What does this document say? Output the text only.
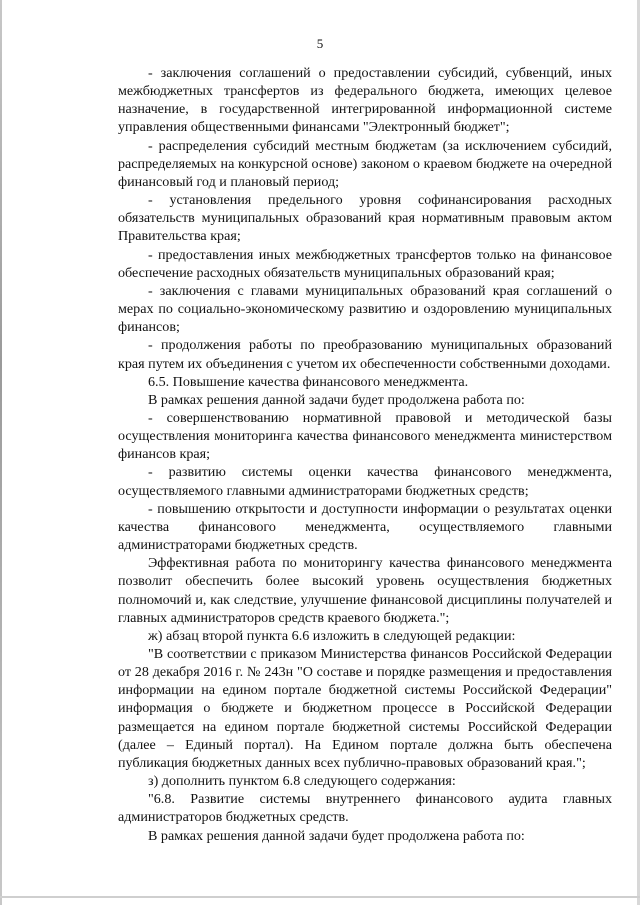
5

- заключения соглашений о предоставлении субсидий, субвенций, иных межбюджетных трансфертов из федерального бюджета, имеющих целевое назначение, в государственной интегрированной информационной системе управления общественными финансами "Электронный бюджет";

- распределения субсидий местным бюджетам (за исключением субсидий, распределяемых на конкурсной основе) законом о краевом бюджете на очередной финансовый год и плановый период;

- установления предельного уровня софинансирования расходных обязательств муниципальных образований края нормативным правовым актом Правительства края;

- предоставления иных межбюджетных трансфертов только на финансовое обеспечение расходных обязательств муниципальных образований края;

- заключения с главами муниципальных образований края соглашений о мерах по социально-экономическому развитию и оздоровлению муниципальных финансов;

- продолжения работы по преобразованию муниципальных образований края путем их объединения с учетом их обеспеченности собственными доходами.

6.5. Повышение качества финансового менеджмента.

В рамках решения данной задачи будет продолжена работа по:

- совершенствованию нормативной правовой и методической базы осуществления мониторинга качества финансового менеджмента министерством финансов края;

- развитию системы оценки качества финансового менеджмента, осуществляемого главными администраторами бюджетных средств;

- повышению открытости и доступности информации о результатах оценки качества финансового менеджмента, осуществляемого главными администраторами бюджетных средств.

Эффективная работа по мониторингу качества финансового менеджмента позволит обеспечить более высокий уровень осуществления бюджетных полномочий и, как следствие, улучшение финансовой дисциплины получателей и главных администраторов средств краевого бюджета.";

ж) абзац второй пункта 6.6 изложить в следующей редакции:

"В соответствии с приказом Министерства финансов Российской Федерации от 28 декабря 2016 г. № 243н "О составе и порядке размещения и предоставления информации на едином портале бюджетной системы Российской Федерации" информация о бюджете и бюджетном процессе в Российской Федерации размещается на едином портале бюджетной системы Российской Федерации (далее – Единый портал). На Едином портале должна быть обеспечена публикация бюджетных данных всех публично-правовых образований края.";

з) дополнить пунктом 6.8 следующего содержания:

"6.8. Развитие системы внутреннего финансового аудита главных администраторов бюджетных средств.

В рамках решения данной задачи будет продолжена работа по:
